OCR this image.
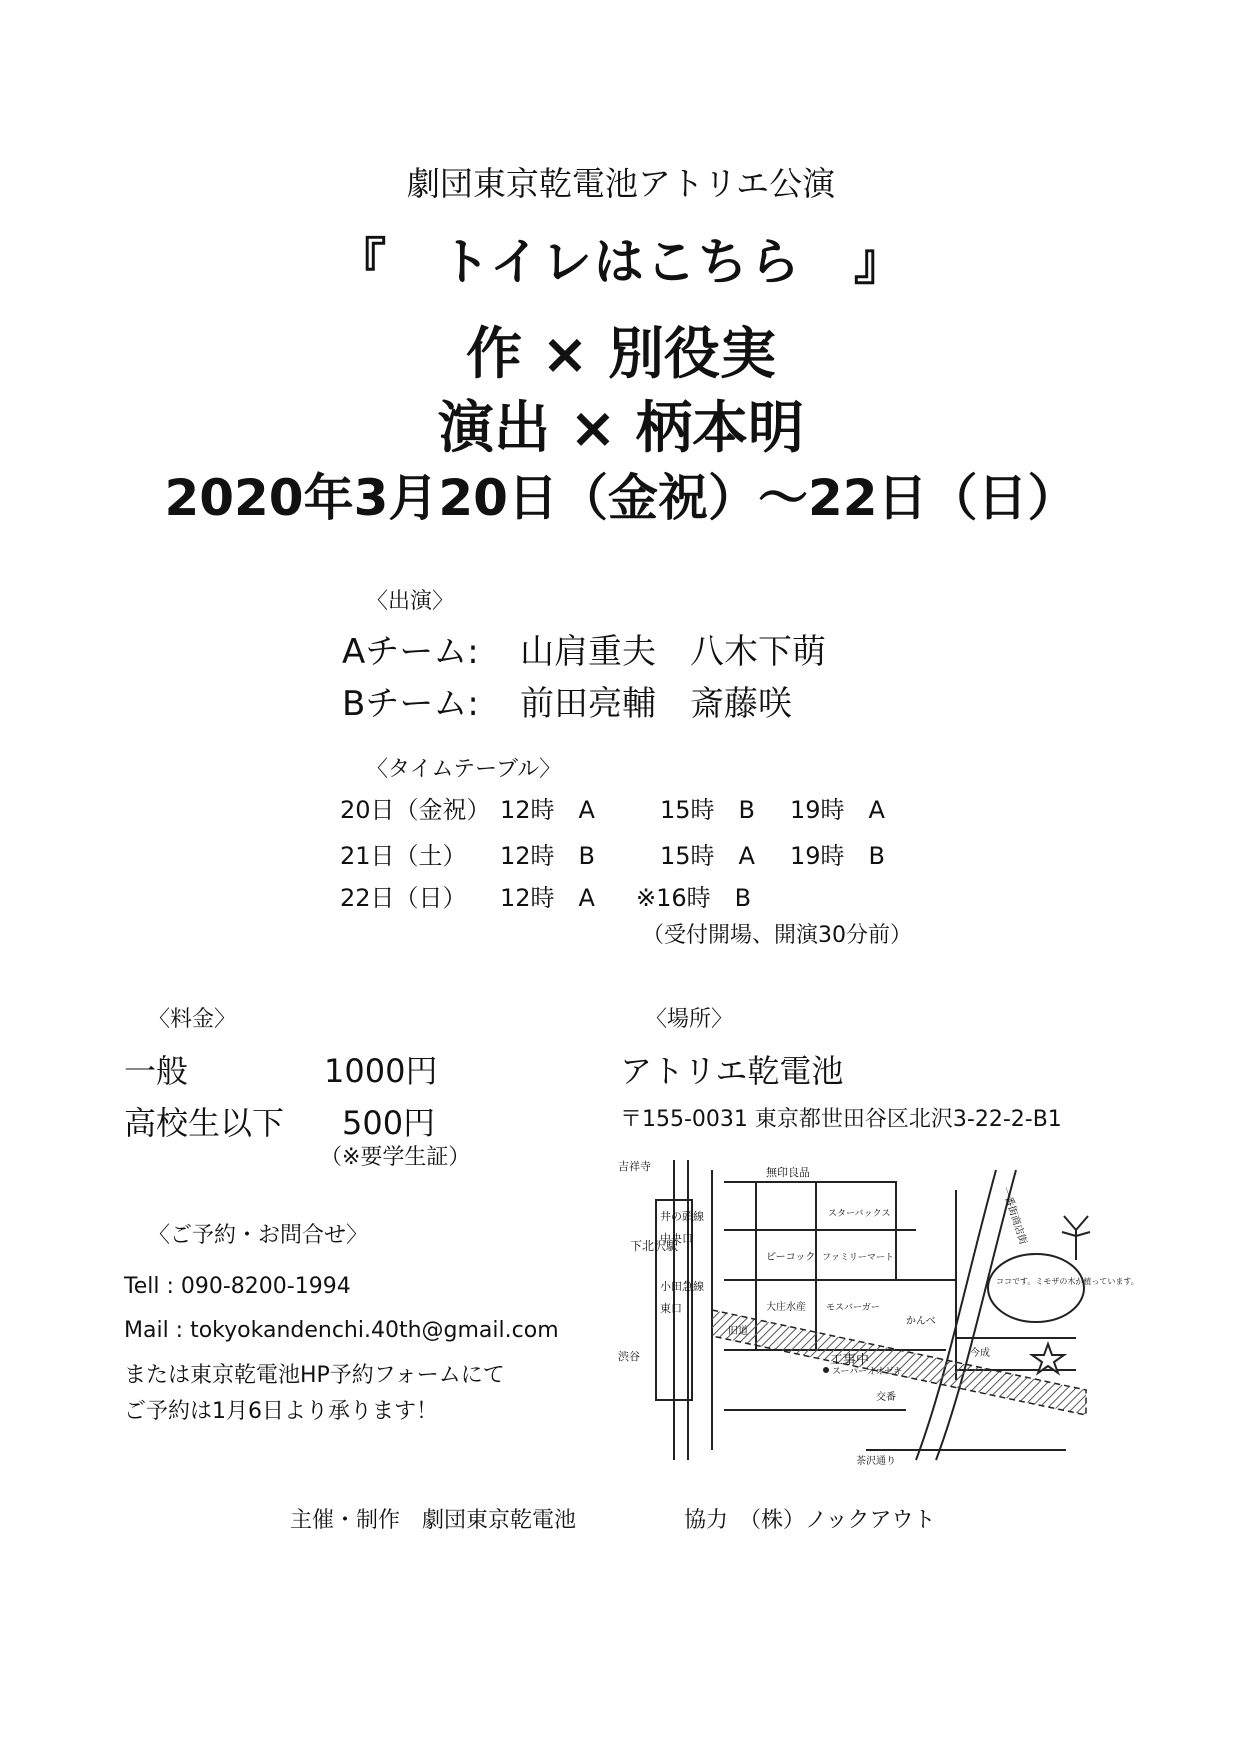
劇団東京乾電池アトリエ公演
『　トイレはこちら　』
作 × 別役実
演出 × 柄本明
2020年3月20日（金祝）～22日（日）
〈出演〉
Aチーム: 山肩重夫　八木下萌
Bチーム: 前田亮輔　斎藤咲
〈タイムテーブル〉
20日（金祝） 12時　A	15時　B 19時　A
21日（土） 12時　B	15時　A 19時　B
22日（日） 12時　A ※16時　B
（受付開場、開演30分前）
〈料金〉
一般	1000円
高校生以下 500円
（※要学生証）
〈場所〉
アトリエ乾電池
〒155-0031 東京都世田谷区北沢3-22-2-B1
〈ご予約・お問合せ〉
Tell : 090-8200-1994
Mail : tokyokandenchi.40th@gmail.com
または東京乾電池HP予約フォームにて
ご予約は1月6日より承ります！
吉祥寺
渋谷
下北沢駅
井の頭線
中央口
小田急線
東口
無印良品
スターバックス
ピーコック ファミリーマート
大庄水産 モスバーガー
かんべ
今成
一番街商店街
ココです。ミモザの木が植っています。
工事中
スーパーオオゼキ
交番
茶沢通り
旧道
主催・制作　劇団東京乾電池	協力　（株）ノックアウト
